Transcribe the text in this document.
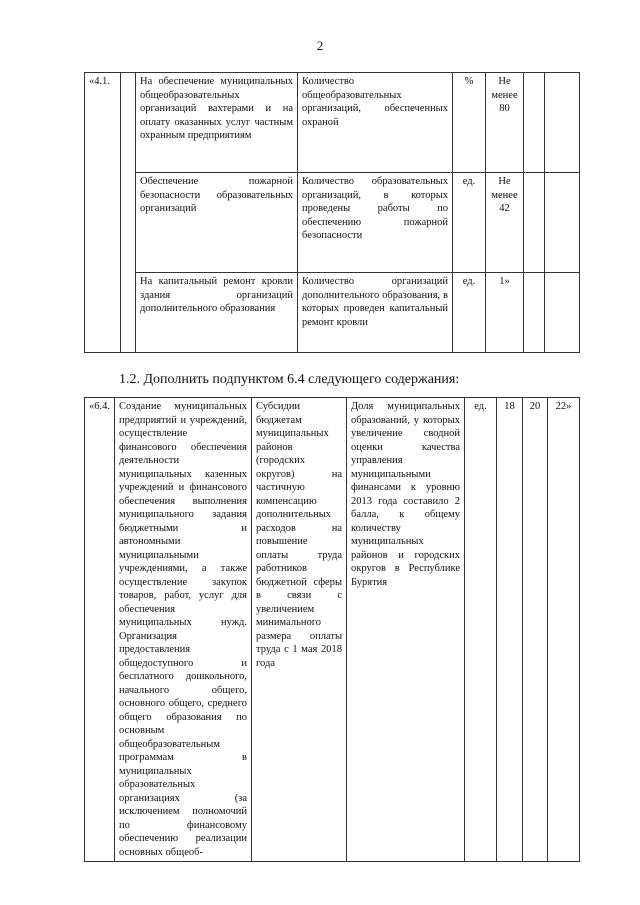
2
«4.1.		На обеспечение муниципальных общеобразовательных организаций вахтерами и на оплату оказанных услуг частным охранным предприятиям	Количество общеобразовательных организаций, обеспеченных охраной	%	Не менее 80		
		Обеспечение пожарной безопасности образовательных организаций	Количество образовательных организаций, в которых проведены работы по обеспечению пожарной безопасности	ед.	Не менее 42		
		На капитальный ремонт кровли здания организаций дополнительного образования	Количество организаций дополнительного образования, в которых проведен капитальный ремонт кровли	ед.	1»		
1.2. Дополнить подпунктом 6.4 следующего содержания:
«6.4.	Создание муниципальных предприятий и учреждений, осуществление финансового обеспечения деятельности муниципальных казенных учреждений и финансового обеспечения выполнения муниципального задания бюджетными и автономными муниципальными учреждениями, а также осуществление закупок товаров, работ, услуг для обеспечения муниципальных нужд. Организация предоставления общедоступного и бесплатного дошкольного, начального общего, основного общего, среднего общего образования по основным общеобразовательным программам в муниципальных образовательных организациях (за исключением полномочий по финансовому обеспечению реализации основных общеоб-	Субсидии бюджетам муниципальных районов (городских округов) на частичную компенсацию дополнительных расходов на повышение оплаты труда работников бюджетной сферы в связи с увеличением минимального размера оплаты труда с 1 мая 2018 года	Доля муниципальных образований, у которых увеличение сводной оценки качества управления муниципальными финансами к уровню 2013 года составило 2 балла, к общему количеству муниципальных районов и городских округов в Республике Бурятия	ед.	18	20	22»
